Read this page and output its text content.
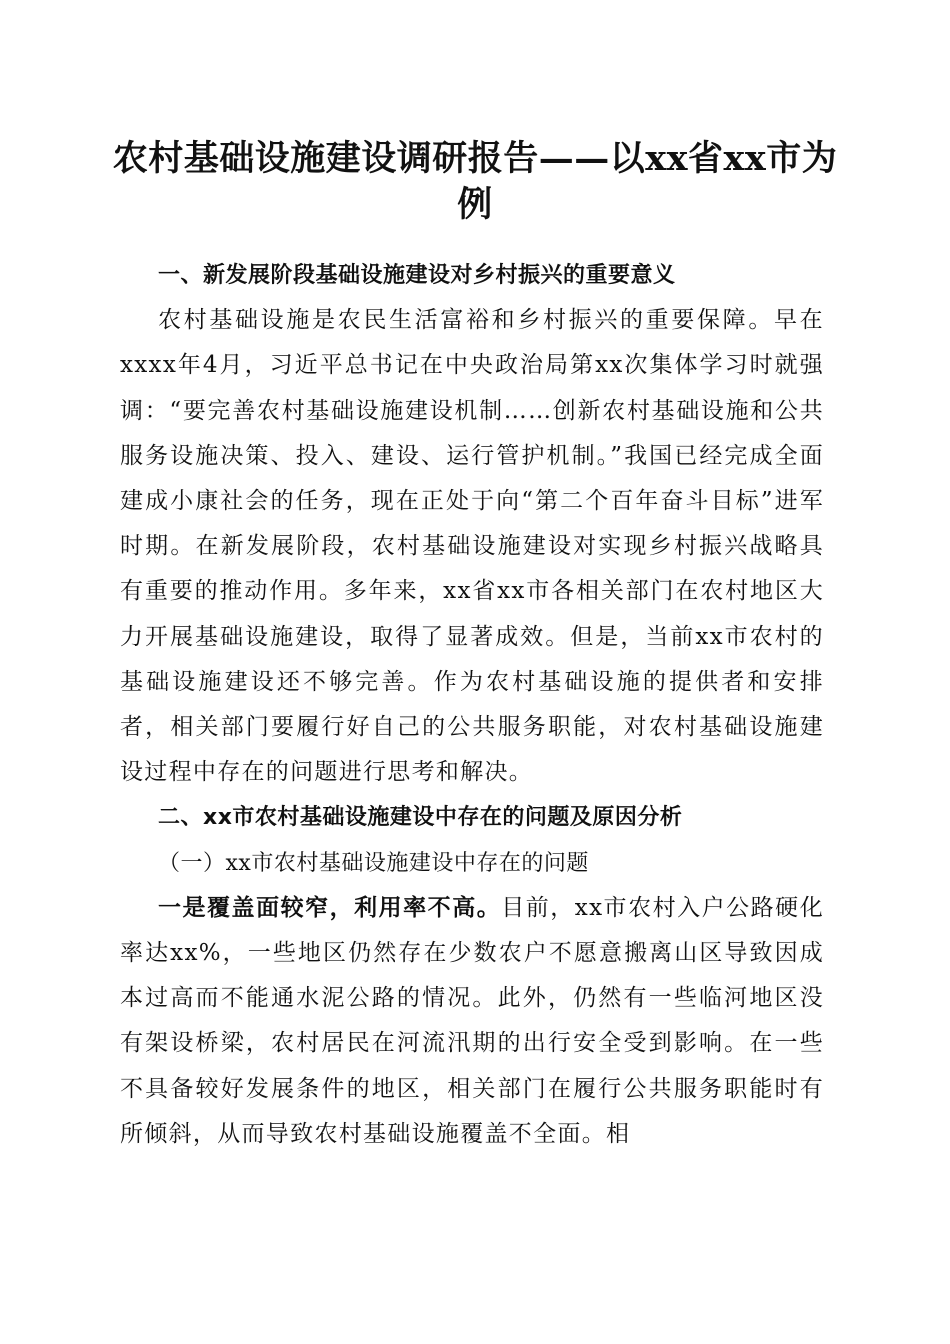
农村基础设施建设调研报告——以xx省xx市为例

一、新发展阶段基础设施建设对乡村振兴的重要意义

农村基础设施是农民生活富裕和乡村振兴的重要保障。早在xxxx年4月，习近平总书记在中央政治局第xx次集体学习时就强调：“要完善农村基础设施建设机制……创新农村基础设施和公共服务设施决策、投入、建设、运行管护机制。”我国已经完成全面建成小康社会的任务，现在正处于向“第二个百年奋斗目标”进军时期。在新发展阶段，农村基础设施建设对实现乡村振兴战略具有重要的推动作用。多年来，xx省xx市各相关部门在农村地区大力开展基础设施建设，取得了显著成效。但是，当前xx市农村的基础设施建设还不够完善。作为农村基础设施的提供者和安排者，相关部门要履行好自己的公共服务职能，对农村基础设施建设过程中存在的问题进行思考和解决。

二、xx市农村基础设施建设中存在的问题及原因分析

（一）xx市农村基础设施建设中存在的问题

一是覆盖面较窄，利用率不高。目前，xx市农村入户公路硬化率达xx%，一些地区仍然存在少数农户不愿意搬离山区导致因成本过高而不能通水泥公路的情况。此外，仍然有一些临河地区没有架设桥梁，农村居民在河流汛期的出行安全受到影响。在一些不具备较好发展条件的地区，相关部门在履行公共服务职能时有所倾斜，从而导致农村基础设施覆盖不全面。相
